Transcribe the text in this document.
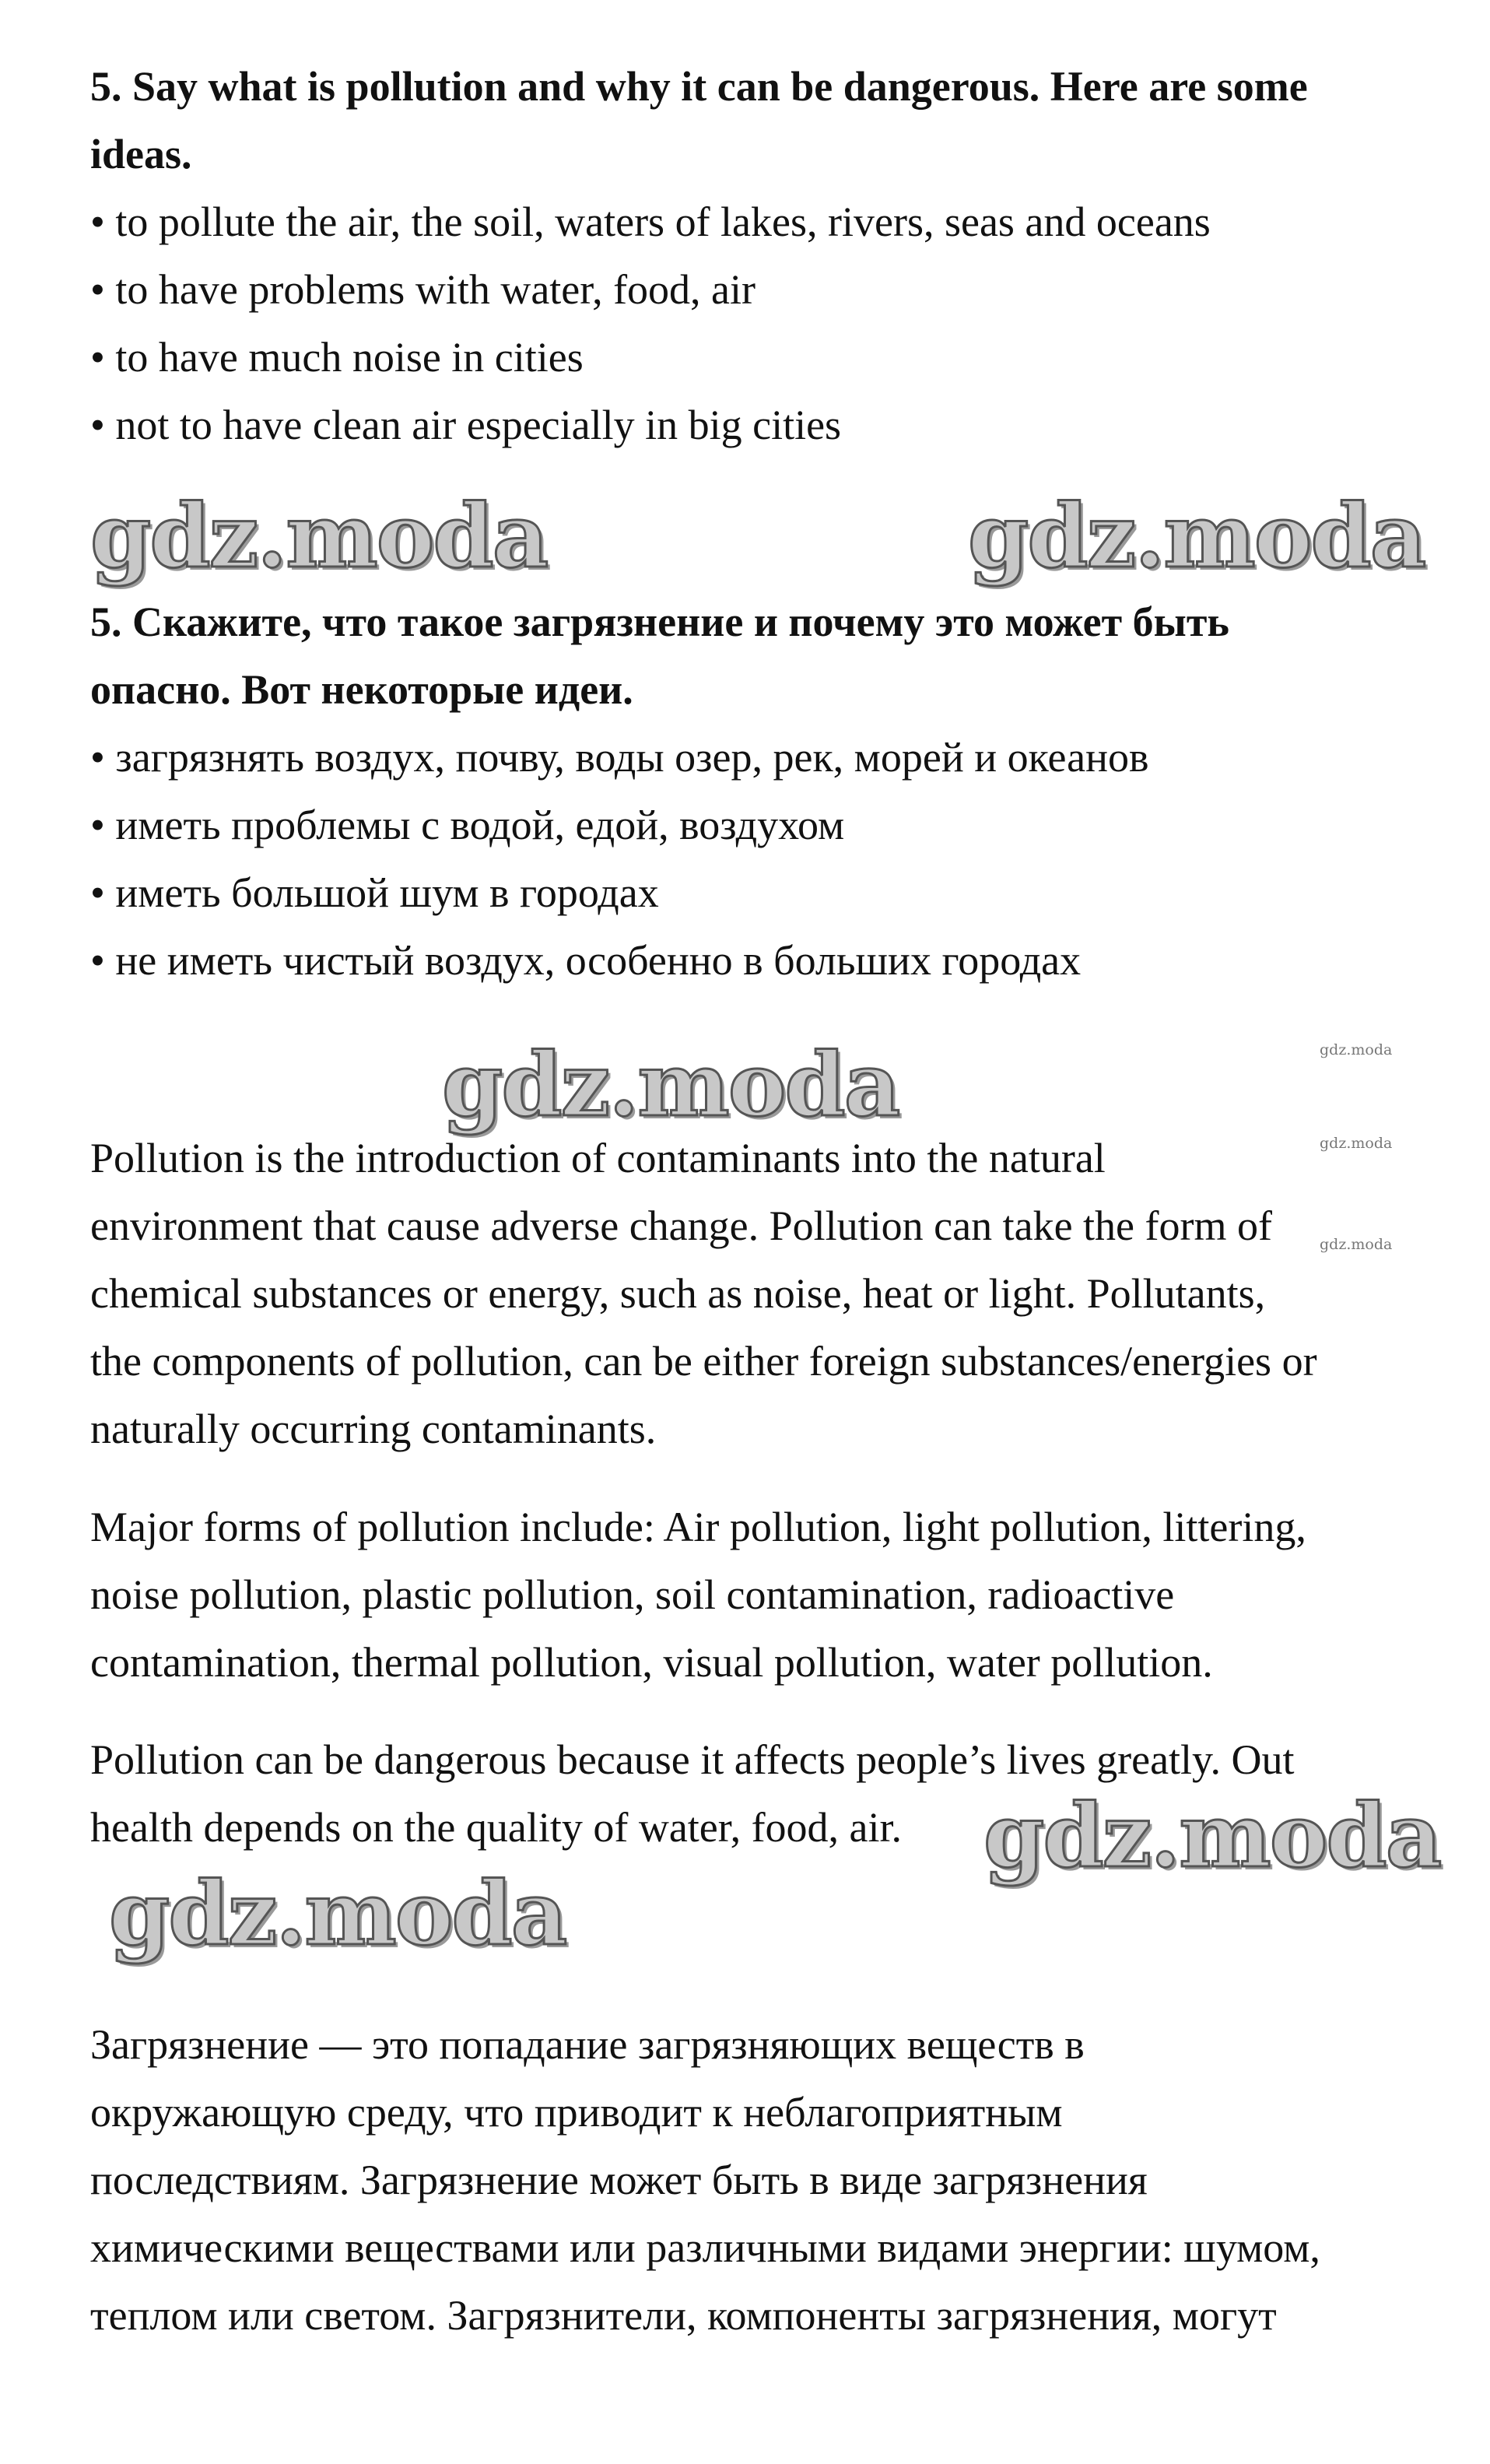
5. Say what is pollution and why it can be dangerous. Here are some
ideas.
• to pollute the air, the soil, waters of lakes, rivers, seas and oceans
• to have problems with water, food, air
• to have much noise in cities
• not to have clean air especially in big cities
gdz.moda	gdz.moda
5. Скажите, что такое загрязнение и почему это может быть
опасно. Вот некоторые идеи.
• загрязнять воздух, почву, воды озер, рек, морей и океанов
• иметь проблемы с водой, едой, воздухом
• иметь большой шум в городах
• не иметь чистый воздух, особенно в больших городах
gdz.moda	gdz.moda
gdz.moda
gdz.moda
Pollution is the introduction of contaminants into the natural
environment that cause adverse change. Pollution can take the form of
chemical substances or energy, such as noise, heat or light. Pollutants,
the components of pollution, can be either foreign substances/energies or
naturally occurring contaminants.
Major forms of pollution include: Air pollution, light pollution, littering,
noise pollution, plastic pollution, soil contamination, radioactive
contamination, thermal pollution, visual pollution, water pollution.
Pollution can be dangerous because it affects people’s lives greatly. Out
health depends on the quality of water, food, air. gdz.moda
gdz.moda
Загрязнение — это попадание загрязняющих веществ в
окружающую среду, что приводит к неблагоприятным
последствиям. Загрязнение может быть в виде загрязнения
химическими веществами или различными видами энергии: шумом,
теплом или светом. Загрязнители, компоненты загрязнения, могут
